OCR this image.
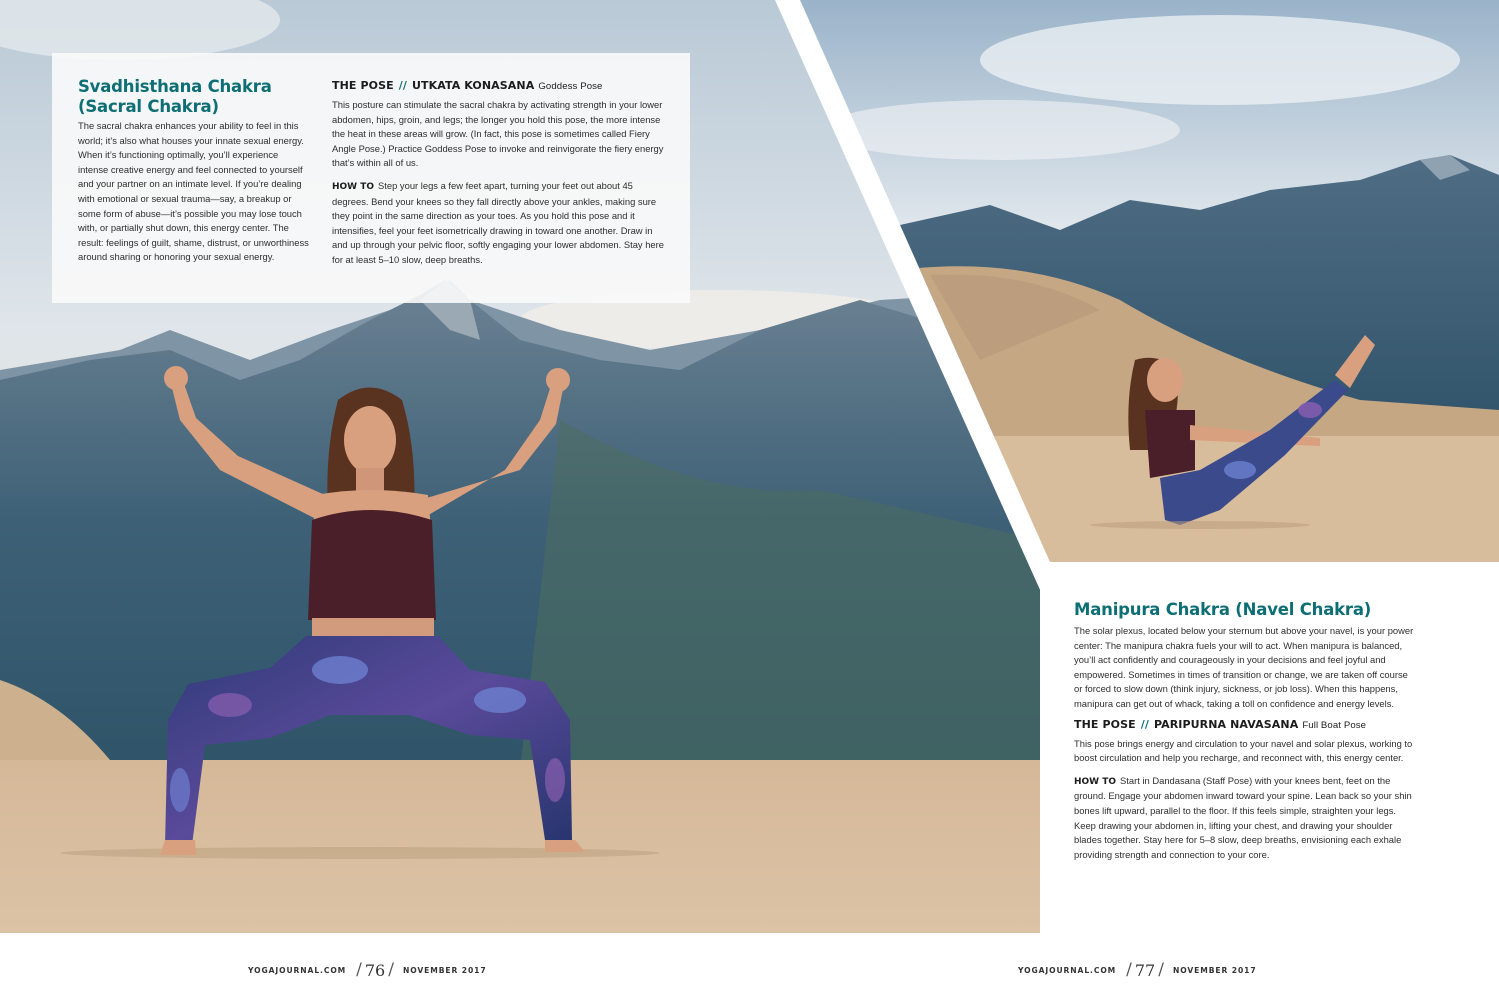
Svadhisthana Chakra
(Sacral Chakra)

The sacral chakra enhances your ability to feel in this world; it’s also what houses your innate sexual energy. When it’s functioning optimally, you’ll experience intense creative energy and feel connected to yourself and your partner on an intimate level. If you’re dealing with emotional or sexual trauma—say, a breakup or some form of abuse—it’s possible you may lose touch with, or partially shut down, this energy center. The result: feelings of guilt, shame, distrust, or unworthiness around sharing or honoring your sexual energy.

THE POSE // UTKATA KONASANA Goddess Pose

This posture can stimulate the sacral chakra by activating strength in your lower abdomen, hips, groin, and legs; the longer you hold this pose, the more intense the heat in these areas will grow. (In fact, this pose is sometimes called Fiery Angle Pose.) Practice Goddess Pose to invoke and reinvigorate the fiery energy that’s within all of us.

HOW TO Step your legs a few feet apart, turning your feet out about 45 degrees. Bend your knees so they fall directly above your ankles, making sure they point in the same direction as your toes. As you hold this pose and it intensifies, feel your feet isometrically drawing in toward one another. Draw in and up through your pelvic floor, softly engaging your lower abdomen. Stay here for at least 5–10 slow, deep breaths.

Manipura Chakra (Navel Chakra)

The solar plexus, located below your sternum but above your navel, is your power center: The manipura chakra fuels your will to act. When manipura is balanced, you’ll act confidently and courageously in your decisions and feel joyful and empowered. Sometimes in times of transition or change, we are taken off course or forced to slow down (think injury, sickness, or job loss). When this happens, manipura can get out of whack, taking a toll on confidence and energy levels.

THE POSE // PARIPURNA NAVASANA Full Boat Pose

This pose brings energy and circulation to your navel and solar plexus, working to boost circulation and help you recharge, and reconnect with, this energy center.

HOW TO Start in Dandasana (Staff Pose) with your knees bent, feet on the ground. Engage your abdomen inward toward your spine. Lean back so your shin bones lift upward, parallel to the floor. If this feels simple, straighten your legs. Keep drawing your abdomen in, lifting your chest, and drawing your shoulder blades together. Stay here for 5–8 slow, deep breaths, envisioning each exhale providing strength and connection to your core.

YOGAJOURNAL.COM / 76 / NOVEMBER 2017	YOGAJOURNAL.COM / 77 / NOVEMBER 2017
